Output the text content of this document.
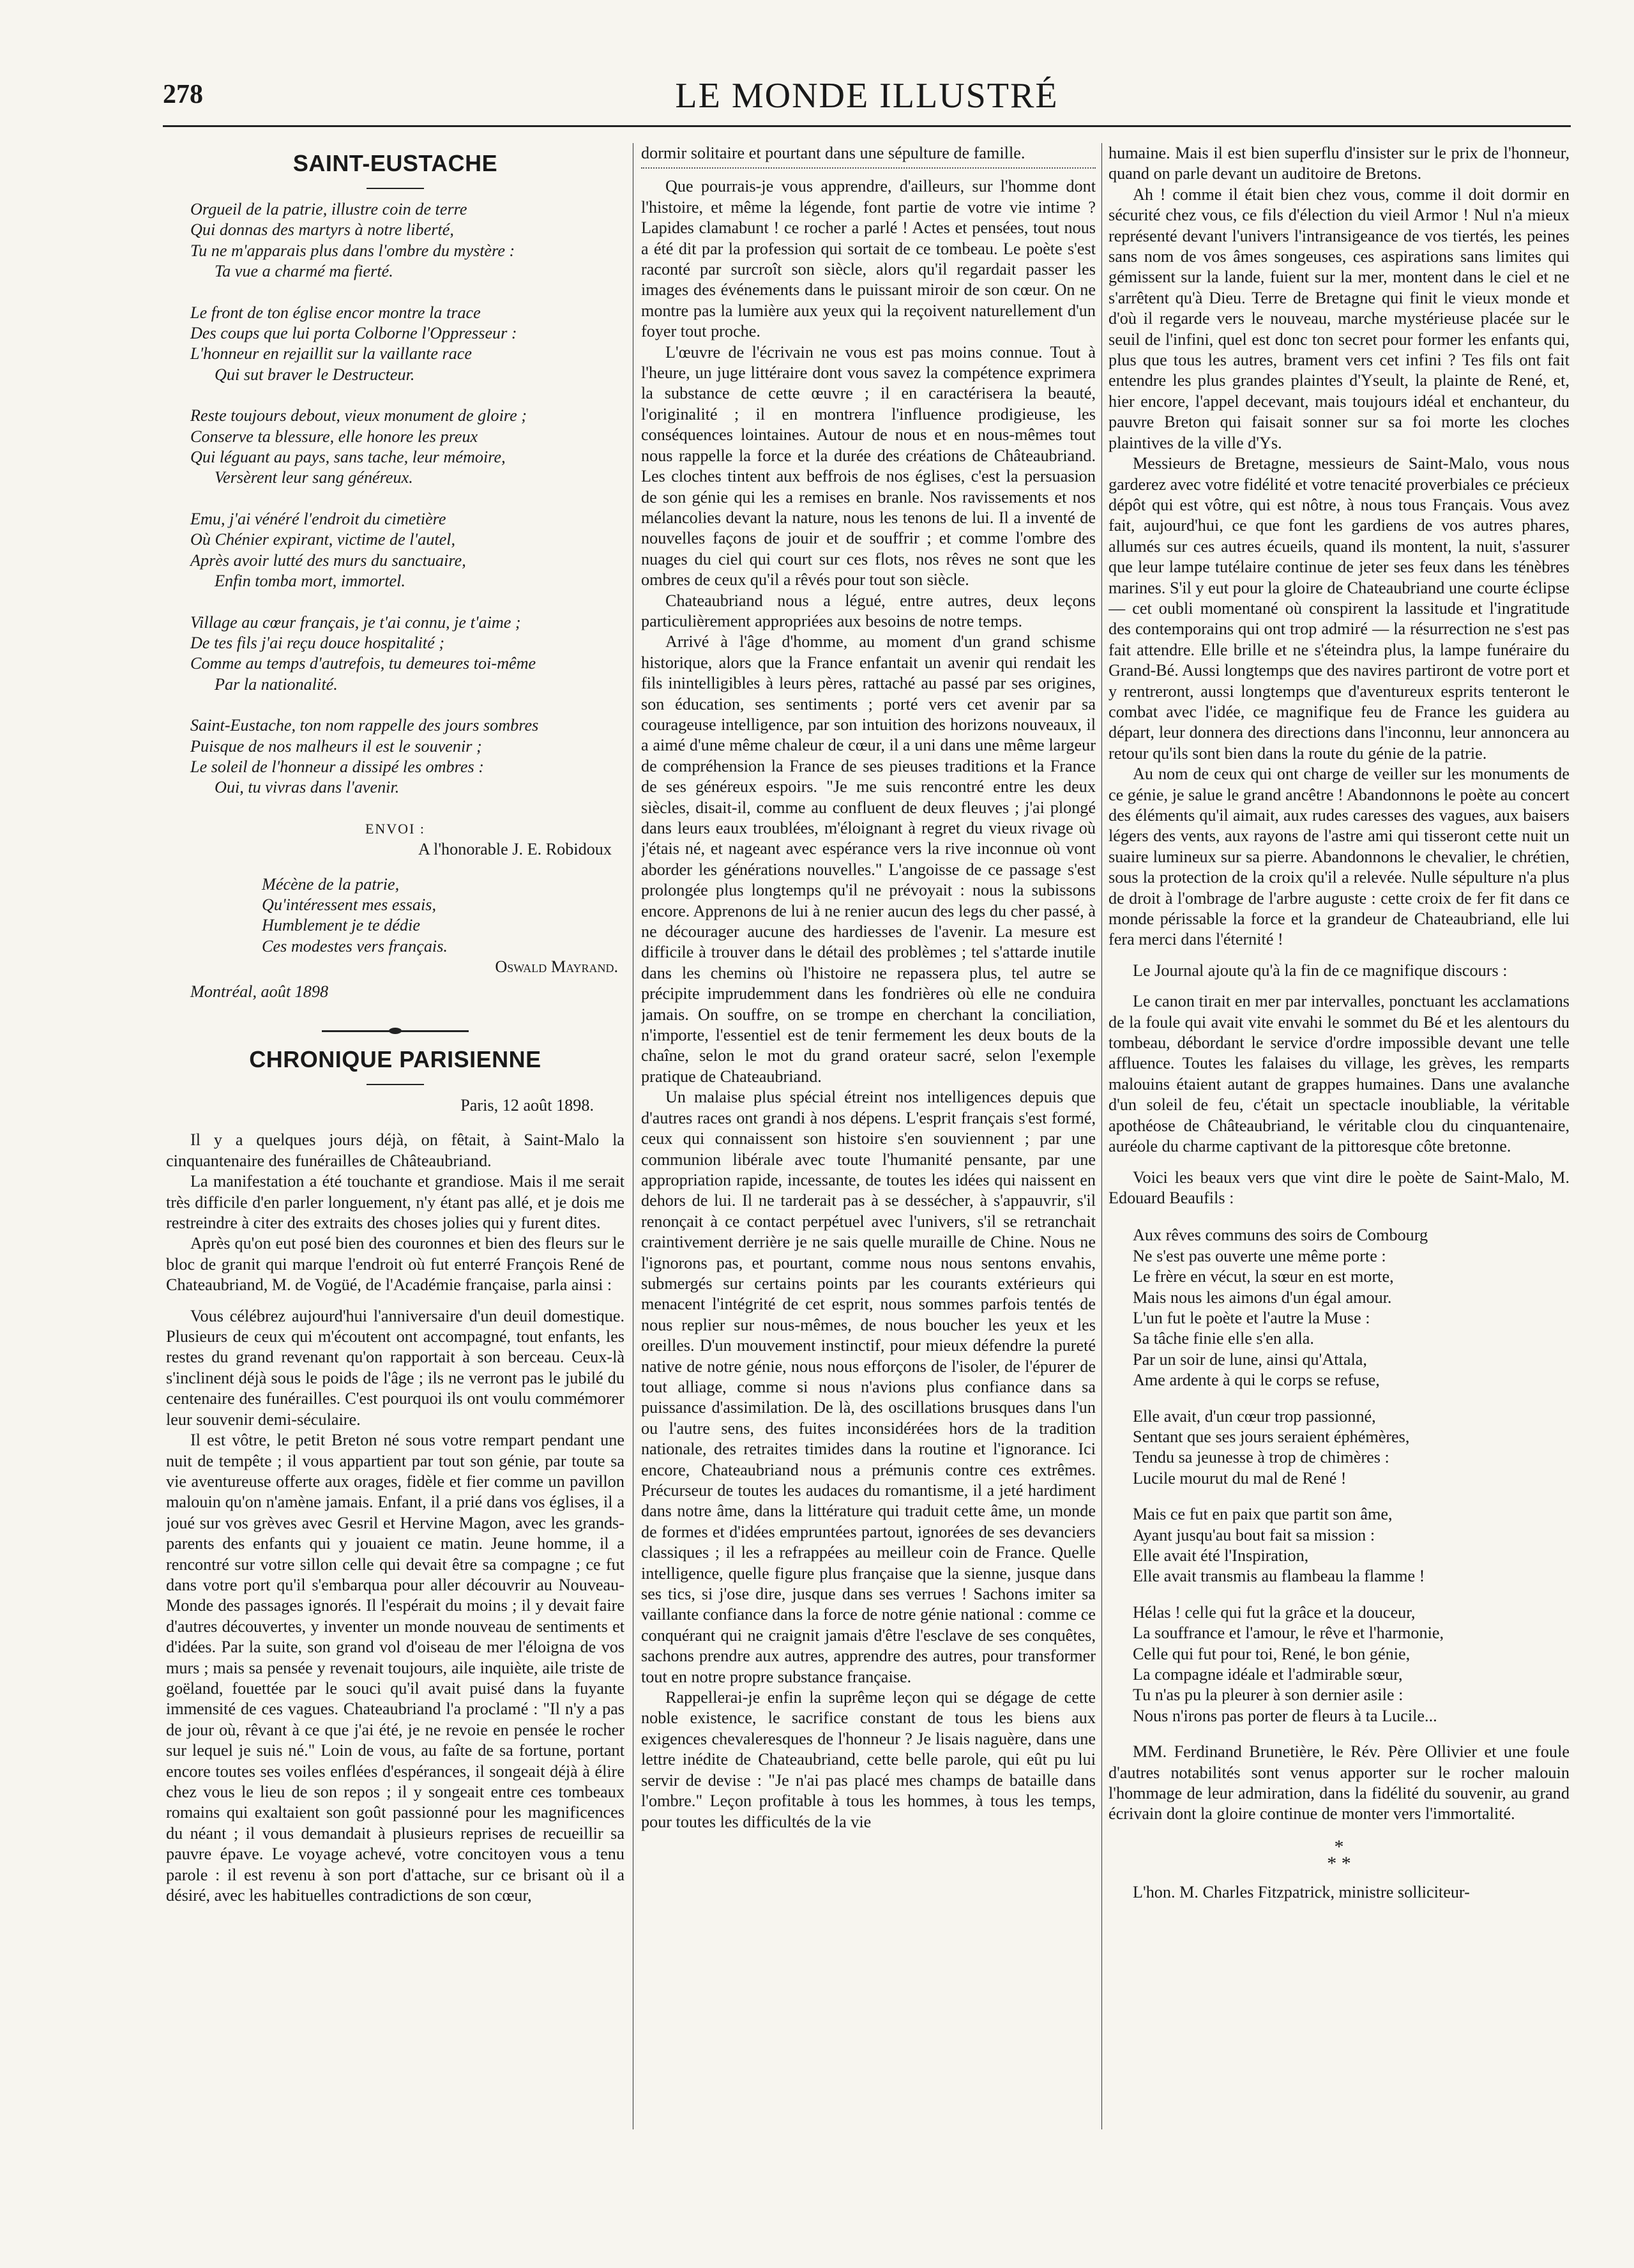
278	LE MONDE ILLUSTRÉ
SAINT-EUSTACHE
Orgueil de la patrie, illustre coin de terre
Qui donnas des martyrs à notre liberté,
Tu ne m'apparais plus dans l'ombre du mystère :
Ta vue a charmé ma fierté.
Le front de ton église encor montre la trace
Des coups que lui porta Colborne l'Oppresseur :
L'honneur en rejaillit sur la vaillante race
Qui sut braver le Destructeur.
Reste toujours debout, vieux monument de gloire ;
Conserve ta blessure, elle honore les preux
Qui léguant au pays, sans tache, leur mémoire,
Versèrent leur sang généreux.
Emu, j'ai vénéré l'endroit du cimetière
Où Chénier expirant, victime de l'autel,
Après avoir lutté des murs du sanctuaire,
Enfin tomba mort, immortel.
Village au cœur français, je t'ai connu, je t'aime ;
De tes fils j'ai reçu douce hospitalité ;
Comme au temps d'autrefois, tu demeures toi-même
Par la nationalité.
Saint-Eustache, ton nom rappelle des jours sombres
Puisque de nos malheurs il est le souvenir ;
Le soleil de l'honneur a dissipé les ombres :
Oui, tu vivras dans l'avenir.
ENVOI :
A l'honorable J. E. Robidoux
Mécène de la patrie,
Qu'intéressent mes essais,
Humblement je te dédie
Ces modestes vers français.
Oswald Mayrand.
Montréal, août 1898
CHRONIQUE PARISIENNE
Paris, 12 août 1898.

Il y a quelques jours déjà, on fêtait, à Saint-Malo la cinquantenaire des funérailles de Châteaubriand.

La manifestation a été touchante et grandiose. Mais il me serait très difficile d'en parler longuement, n'y étant pas allé, et je dois me restreindre à citer des extraits des choses jolies qui y furent dites.

Après qu'on eut posé bien des couronnes et bien des fleurs sur le bloc de granit qui marque l'endroit où fut enterré François René de Chateaubriand, M. de Vogüé, de l'Académie française, parla ainsi :

Vous célébrez aujourd'hui l'anniversaire d'un deuil domestique. Plusieurs de ceux qui m'écoutent ont accompagné, tout enfants, les restes du grand revenant qu'on rapportait à son berceau. Ceux-là s'inclinent déjà sous le poids de l'âge ; ils ne verront pas le jubilé du centenaire des funérailles. C'est pourquoi ils ont voulu commémorer leur souvenir demi-séculaire.

Il est vôtre, le petit Breton né sous votre rempart pendant une nuit de tempête ; il vous appartient par tout son génie, par toute sa vie aventureuse offerte aux orages, fidèle et fier comme un pavillon malouin qu'on n'amène jamais. Enfant, il a prié dans vos églises, il a joué sur vos grèves avec Gesril et Hervine Magon, avec les grands-parents des enfants qui y jouaient ce matin. Jeune homme, il a rencontré sur votre sillon celle qui devait être sa compagne ; ce fut dans votre port qu'il s'embarqua pour aller découvrir au Nouveau-Monde des passages ignorés. Il l'espérait du moins ; il y devait faire d'autres découvertes, y inventer un monde nouveau de sentiments et d'idées. Par la suite, son grand vol d'oiseau de mer l'éloigna de vos murs ; mais sa pensée y revenait toujours, aile inquiète, aile triste de goëland, fouettée par le souci qu'il avait puisé dans la fuyante immensité de ces vagues. Chateaubriand l'a proclamé : "Il n'y a pas de jour où, rêvant à ce que j'ai été, je ne revoie en pensée le rocher sur lequel je suis né." Loin de vous, au faîte de sa fortune, portant encore toutes ses voiles enflées d'espérances, il songeait déjà à élire chez vous le lieu de son repos ; il y songeait entre ces tombeaux romains qui exaltaient son goût passionné pour les magnificences du néant ; il vous demandait à plusieurs reprises de recueillir sa pauvre épave. Le voyage achevé, votre concitoyen vous a tenu parole : il est revenu à son port d'attache, sur ce brisant où il a désiré, avec les habituelles contradictions de son cœur,

dormir solitaire et pourtant dans une sépulture de famille.

Que pourrais-je vous apprendre, d'ailleurs, sur l'homme dont l'histoire, et même la légende, font partie de votre vie intime ? Lapides clamabunt ! ce rocher a parlé ! Actes et pensées, tout nous a été dit par la profession qui sortait de ce tombeau. Le poète s'est raconté par surcroît son siècle, alors qu'il regardait passer les images des événements dans le puissant miroir de son cœur. On ne montre pas la lumière aux yeux qui la reçoivent naturellement d'un foyer tout proche.

L'œuvre de l'écrivain ne vous est pas moins connue. Tout à l'heure, un juge littéraire dont vous savez la compétence exprimera la substance de cette œuvre ; il en caractérisera la beauté, l'originalité ; il en montrera l'influence prodigieuse, les conséquences lointaines. Autour de nous et en nous-mêmes tout nous rappelle la force et la durée des créations de Châteaubriand. Les cloches tintent aux beffrois de nos églises, c'est la persuasion de son génie qui les a remises en branle. Nos ravissements et nos mélancolies devant la nature, nous les tenons de lui. Il a inventé de nouvelles façons de jouir et de souffrir ; et comme l'ombre des nuages du ciel qui court sur ces flots, nos rêves ne sont que les ombres de ceux qu'il a rêvés pour tout son siècle.

Chateaubriand nous a légué, entre autres, deux leçons particulièrement appropriées aux besoins de notre temps.

Arrivé à l'âge d'homme, au moment d'un grand schisme historique, alors que la France enfantait un avenir qui rendait les fils inintelligibles à leurs pères, rattaché au passé par ses origines, son éducation, ses sentiments ; porté vers cet avenir par sa courageuse intelligence, par son intuition des horizons nouveaux, il a aimé d'une même chaleur de cœur, il a uni dans une même largeur de compréhension la France de ses pieuses traditions et la France de ses généreux espoirs. "Je me suis rencontré entre les deux siècles, disait-il, comme au confluent de deux fleuves ; j'ai plongé dans leurs eaux troublées, m'éloignant à regret du vieux rivage où j'étais né, et nageant avec espérance vers la rive inconnue où vont aborder les générations nouvelles." L'angoisse de ce passage s'est prolongée plus longtemps qu'il ne prévoyait : nous la subissons encore. Apprenons de lui à ne renier aucun des legs du cher passé, à ne décourager aucune des hardiesses de l'avenir. La mesure est difficile à trouver dans le détail des problèmes ; tel s'attarde inutile dans les chemins où l'histoire ne repassera plus, tel autre se précipite imprudemment dans les fondrières où elle ne conduira jamais. On souffre, on se trompe en cherchant la conciliation, n'importe, l'essentiel est de tenir fermement les deux bouts de la chaîne, selon le mot du grand orateur sacré, selon l'exemple pratique de Chateaubriand.

Un malaise plus spécial étreint nos intelligences depuis que d'autres races ont grandi à nos dépens. L'esprit français s'est formé, ceux qui connaissent son histoire s'en souviennent ; par une communion libérale avec toute l'humanité pensante, par une appropriation rapide, incessante, de toutes les idées qui naissent en dehors de lui. Il ne tarderait pas à se dessécher, à s'appauvrir, s'il renonçait à ce contact perpétuel avec l'univers, s'il se retranchait craintivement derrière je ne sais quelle muraille de Chine. Nous ne l'ignorons pas, et pourtant, comme nous nous sentons envahis, submergés sur certains points par les courants extérieurs qui menacent l'intégrité de cet esprit, nous sommes parfois tentés de nous replier sur nous-mêmes, de nous boucher les yeux et les oreilles. D'un mouvement instinctif, pour mieux défendre la pureté native de notre génie, nous nous efforçons de l'isoler, de l'épurer de tout alliage, comme si nous n'avions plus confiance dans sa puissance d'assimilation. De là, des oscillations brusques dans l'un ou l'autre sens, des fuites inconsidérées hors de la tradition nationale, des retraites timides dans la routine et l'ignorance. Ici encore, Chateaubriand nous a prémunis contre ces extrêmes. Précurseur de toutes les audaces du romantisme, il a jeté hardiment dans notre âme, dans la littérature qui traduit cette âme, un monde de formes et d'idées empruntées partout, ignorées de ses devanciers classiques ; il les a refrappées au meilleur coin de France. Quelle intelligence, quelle figure plus française que la sienne, jusque dans ses tics, si j'ose dire, jusque dans ses verrues ! Sachons imiter sa vaillante confiance dans la force de notre génie national : comme ce conquérant qui ne craignit jamais d'être l'esclave de ses conquêtes, sachons prendre aux autres, apprendre des autres, pour transformer tout en notre propre substance française.

Rappellerai-je enfin la suprême leçon qui se dégage de cette noble existence, le sacrifice constant de tous les biens aux exigences chevaleresques de l'honneur ? Je lisais naguère, dans une lettre inédite de Chateaubriand, cette belle parole, qui eût pu lui servir de devise : "Je n'ai pas placé mes champs de bataille dans l'ombre." Leçon profitable à tous les hommes, à tous les temps, pour toutes les difficultés de la vie

humaine. Mais il est bien superflu d'insister sur le prix de l'honneur, quand on parle devant un auditoire de Bretons.

Ah ! comme il était bien chez vous, comme il doit dormir en sécurité chez vous, ce fils d'élection du vieil Armor ! Nul n'a mieux représenté devant l'univers l'intransigeance de vos tiertés, les peines sans nom de vos âmes songeuses, ces aspirations sans limites qui gémissent sur la lande, fuient sur la mer, montent dans le ciel et ne s'arrêtent qu'à Dieu. Terre de Bretagne qui finit le vieux monde et d'où il regarde vers le nouveau, marche mystérieuse placée sur le seuil de l'infini, quel est donc ton secret pour former les enfants qui, plus que tous les autres, brament vers cet infini ? Tes fils ont fait entendre les plus grandes plaintes d'Yseult, la plainte de René, et, hier encore, l'appel decevant, mais toujours idéal et enchanteur, du pauvre Breton qui faisait sonner sur sa foi morte les cloches plaintives de la ville d'Ys.

Messieurs de Bretagne, messieurs de Saint-Malo, vous nous garderez avec votre fidélité et votre tenacité proverbiales ce précieux dépôt qui est vôtre, qui est nôtre, à nous tous Français. Vous avez fait, aujourd'hui, ce que font les gardiens de vos autres phares, allumés sur ces autres écueils, quand ils montent, la nuit, s'assurer que leur lampe tutélaire continue de jeter ses feux dans les ténèbres marines. S'il y eut pour la gloire de Chateaubriand une courte éclipse — cet oubli momentané où conspirent la lassitude et l'ingratitude des contemporains qui ont trop admiré — la résurrection ne s'est pas fait attendre. Elle brille et ne s'éteindra plus, la lampe funéraire du Grand-Bé. Aussi longtemps que des navires partiront de votre port et y rentreront, aussi longtemps que d'aventureux esprits tenteront le combat avec l'idée, ce magnifique feu de France les guidera au départ, leur donnera des directions dans l'inconnu, leur annoncera au retour qu'ils sont bien dans la route du génie de la patrie.

Au nom de ceux qui ont charge de veiller sur les monuments de ce génie, je salue le grand ancêtre ! Abandonnons le poète au concert des éléments qu'il aimait, aux rudes caresses des vagues, aux baisers légers des vents, aux rayons de l'astre ami qui tisseront cette nuit un suaire lumineux sur sa pierre. Abandonnons le chevalier, le chrétien, sous la protection de la croix qu'il a relevée. Nulle sépulture n'a plus de droit à l'ombrage de l'arbre auguste : cette croix de fer fit dans ce monde périssable la force et la grandeur de Chateaubriand, elle lui fera merci dans l'éternité !

Le Journal ajoute qu'à la fin de ce magnifique discours :

Le canon tirait en mer par intervalles, ponctuant les acclamations de la foule qui avait vite envahi le sommet du Bé et les alentours du tombeau, débordant le service d'ordre impossible devant une telle affluence. Toutes les falaises du village, les grèves, les remparts malouins étaient autant de grappes humaines. Dans une avalanche d'un soleil de feu, c'était un spectacle inoubliable, la véritable apothéose de Châteaubriand, le véritable clou du cinquantenaire, auréole du charme captivant de la pittoresque côte bretonne.

Voici les beaux vers que vint dire le poète de Saint-Malo, M. Edouard Beaufils :

Aux rêves communs des soirs de Combourg
Ne s'est pas ouverte une même porte :
Le frère en vécut, la sœur en est morte,
Mais nous les aimons d'un égal amour.
L'un fut le poète et l'autre la Muse :
Sa tâche finie elle s'en alla.
Par un soir de lune, ainsi qu'Attala,
Ame ardente à qui le corps se refuse,
Elle avait, d'un cœur trop passionné,
Sentant que ses jours seraient éphémères,
Tendu sa jeunesse à trop de chimères :
Lucile mourut du mal de René !
Mais ce fut en paix que partit son âme,
Ayant jusqu'au bout fait sa mission :
Elle avait été l'Inspiration,
Elle avait transmis au flambeau la flamme !
Hélas ! celle qui fut la grâce et la douceur,
La souffrance et l'amour, le rêve et l'harmonie,
Celle qui fut pour toi, René, le bon génie,
La compagne idéale et l'admirable sœur,
Tu n'as pu la pleurer à son dernier asile :
Nous n'irons pas porter de fleurs à ta Lucile...

MM. Ferdinand Brunetière, le Rév. Père Ollivier et une foule d'autres notabilités sont venus apporter sur le rocher malouin l'hommage de leur admiration, dans la fidélité du souvenir, au grand écrivain dont la gloire continue de monter vers l'immortalité.

*
* *

L'hon. M. Charles Fitzpatrick, ministre solliciteur-
